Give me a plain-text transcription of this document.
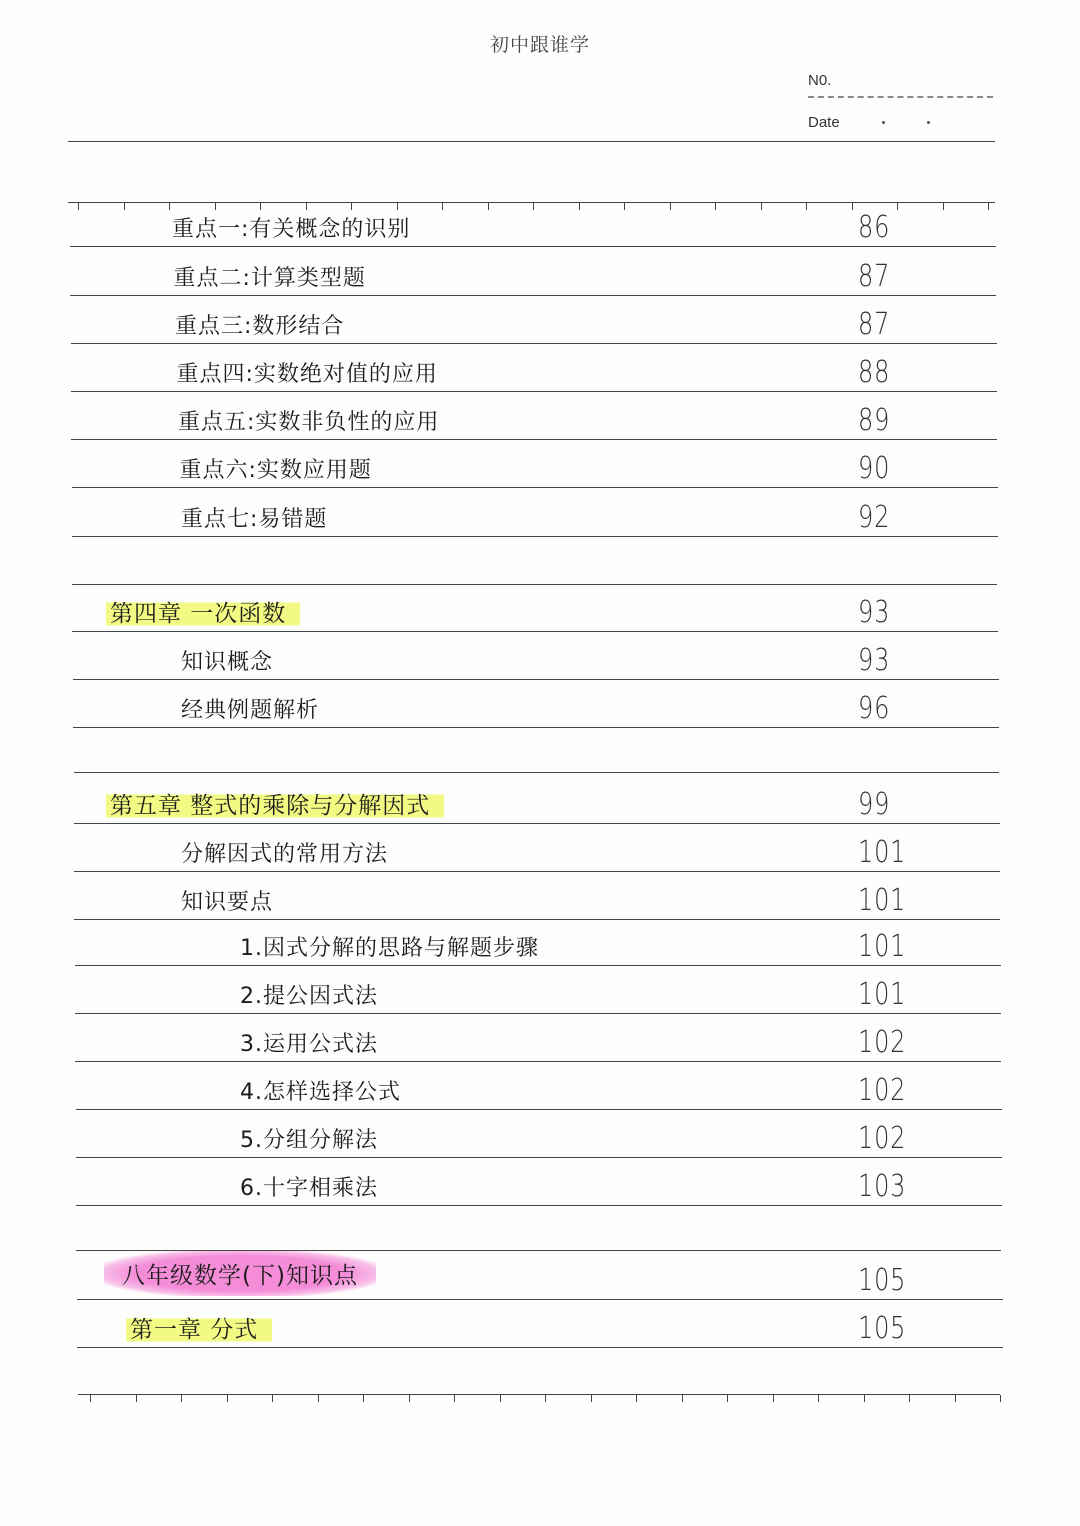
初中跟谁学
N0.
Date
重点一:有关概念的识别	86
重点二:计算类型题	87
重点三:数形结合	87
重点四:实数绝对值的应用	88
重点五:实数非负性的应用	89
重点六:实数应用题	90
重点七:易错题	92
第四章 一次函数	93
知识概念	93
经典例题解析	96
第五章 整式的乘除与分解因式	99
分解因式的常用方法	101
知识要点	101
1.因式分解的思路与解题步骤	101
2.提公因式法	101
3.运用公式法	102
4.怎样选择公式	102
5.分组分解法	102
6.十字相乘法	103
八年级数学(下)知识点	105
第一章 分式	105
